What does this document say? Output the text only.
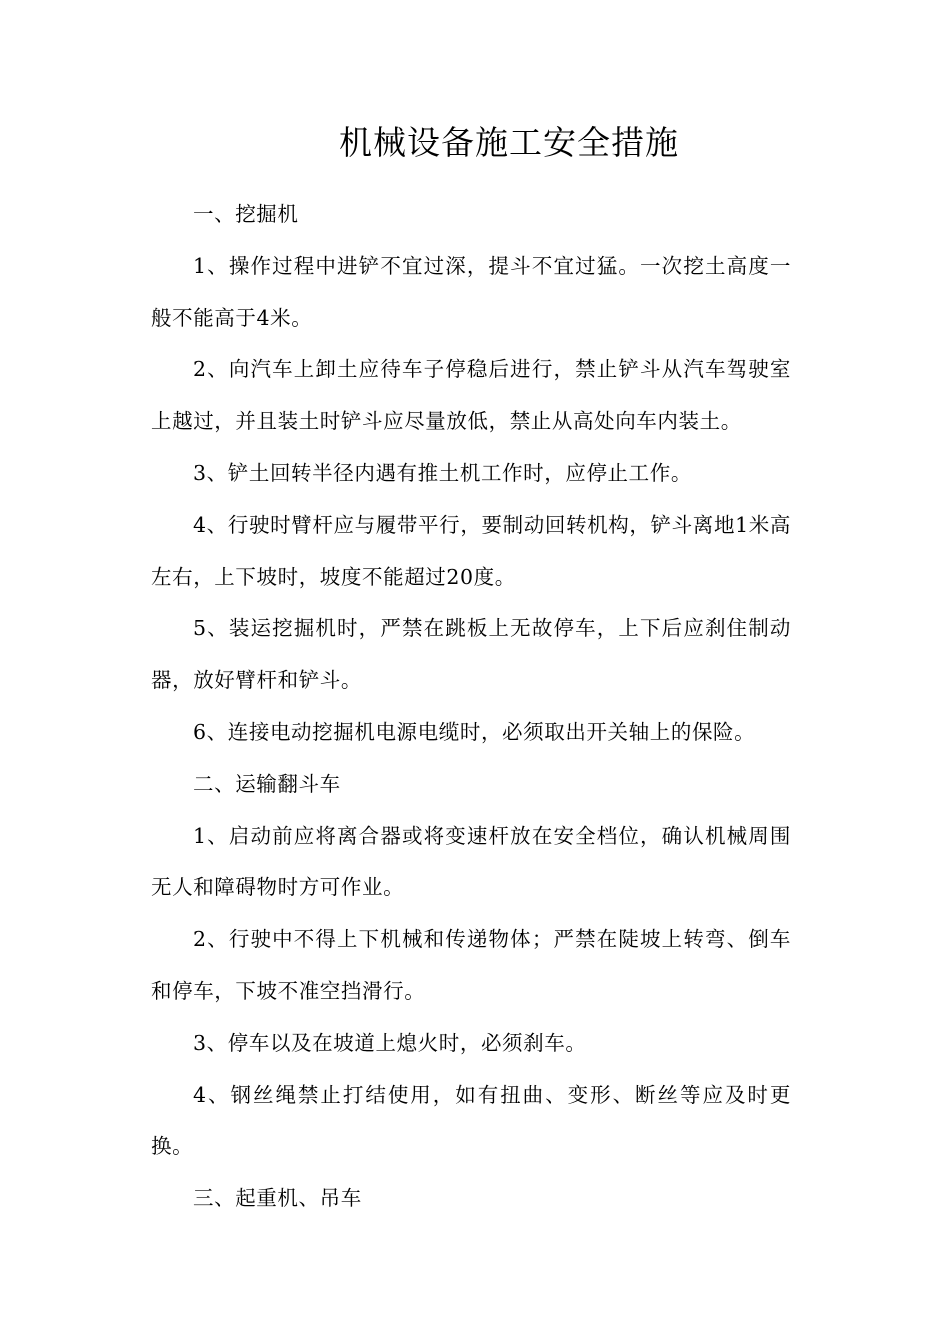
机械设备施工安全措施

一、挖掘机

1、操作过程中进铲不宜过深，提斗不宜过猛。一次挖土高度一般不能高于4米。

2、向汽车上卸土应待车子停稳后进行，禁止铲斗从汽车驾驶室上越过，并且装土时铲斗应尽量放低，禁止从高处向车内装土。

3、铲土回转半径内遇有推土机工作时，应停止工作。

4、行驶时臂杆应与履带平行，要制动回转机构，铲斗离地1米高左右，上下坡时，坡度不能超过20度。

5、装运挖掘机时，严禁在跳板上无故停车，上下后应刹住制动器，放好臂杆和铲斗。

6、连接电动挖掘机电源电缆时，必须取出开关轴上的保险。

二、运输翻斗车

1、启动前应将离合器或将变速杆放在安全档位，确认机械周围无人和障碍物时方可作业。

2、行驶中不得上下机械和传递物体；严禁在陡坡上转弯、倒车和停车，下坡不准空挡滑行。

3、停车以及在坡道上熄火时，必须刹车。

4、钢丝绳禁止打结使用，如有扭曲、变形、断丝等应及时更换。

三、起重机、吊车
